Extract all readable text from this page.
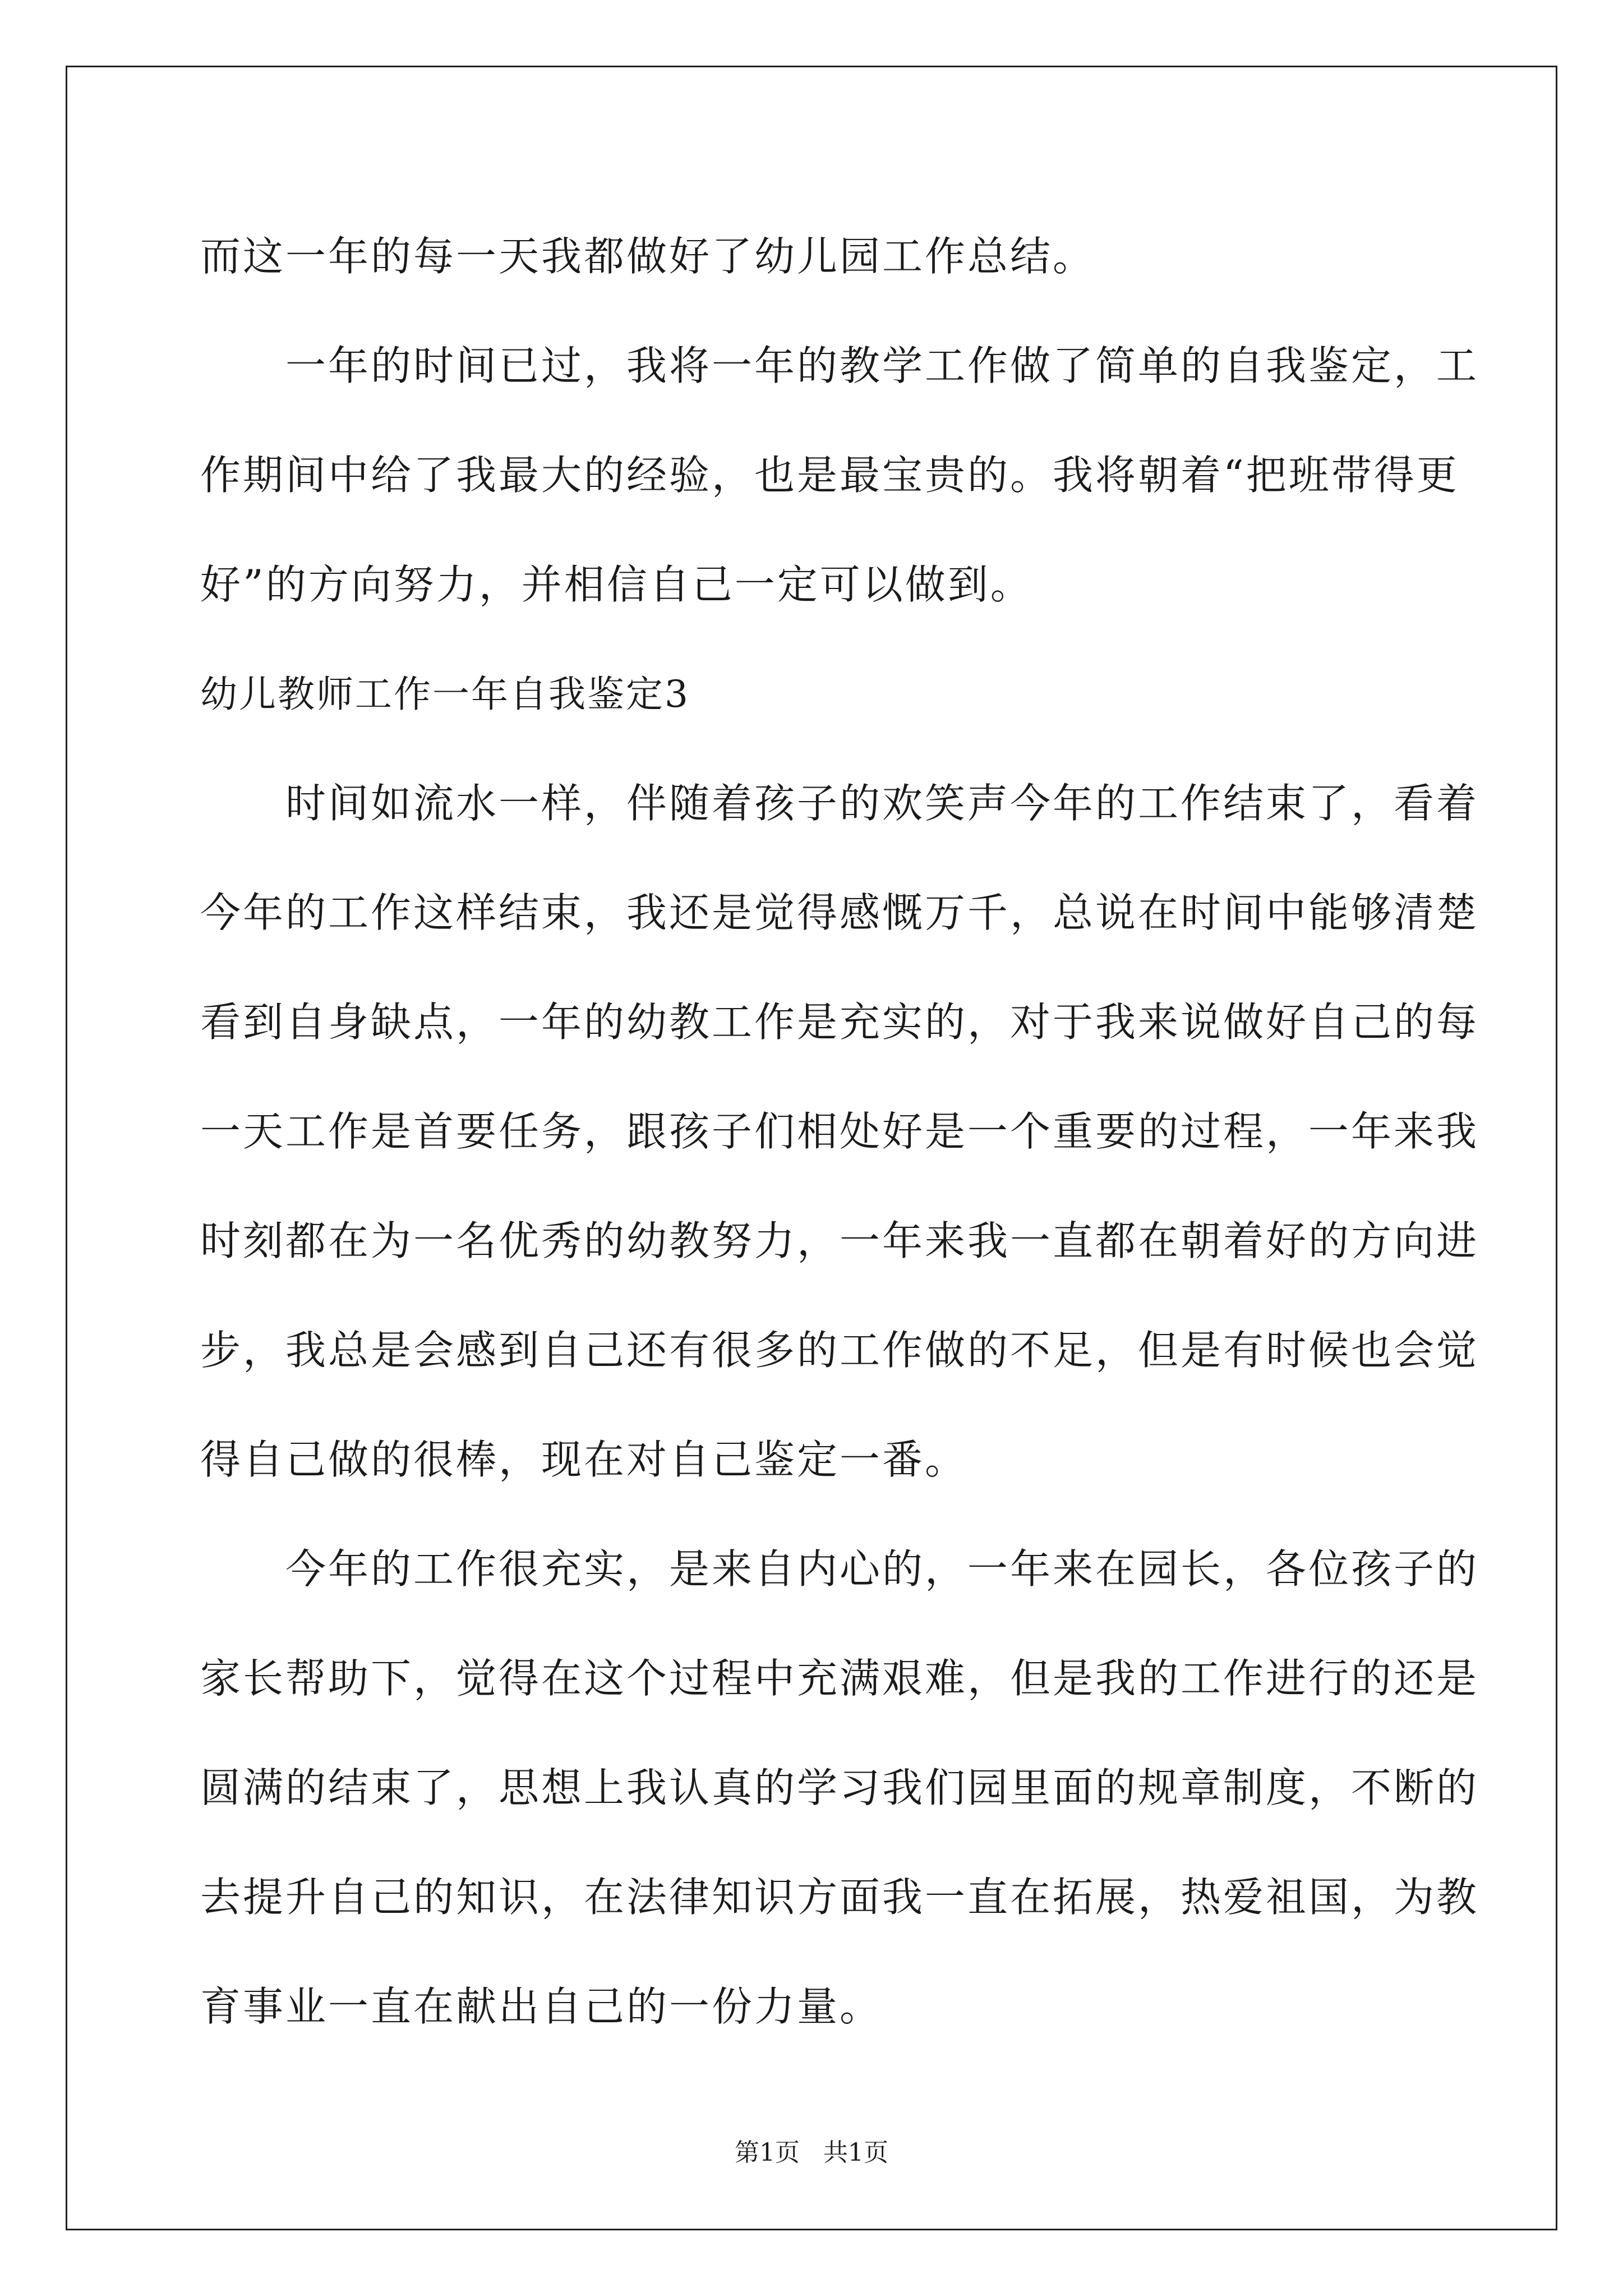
而这一年的每一天我都做好了幼儿园工作总结。
一年的时间已过，我将一年的教学工作做了简单的自我鉴定，工
作期间中给了我最大的经验，也是最宝贵的。我将朝着“把班带得更
好”的方向努力，并相信自己一定可以做到。
幼儿教师工作一年自我鉴定3
时间如流水一样，伴随着孩子的欢笑声今年的工作结束了，看着
今年的工作这样结束，我还是觉得感慨万千，总说在时间中能够清楚
看到自身缺点，一年的幼教工作是充实的，对于我来说做好自己的每
一天工作是首要任务，跟孩子们相处好是一个重要的过程，一年来我
时刻都在为一名优秀的幼教努力，一年来我一直都在朝着好的方向进
步，我总是会感到自己还有很多的工作做的不足，但是有时候也会觉
得自己做的很棒，现在对自己鉴定一番。
今年的工作很充实，是来自内心的，一年来在园长，各位孩子的
家长帮助下，觉得在这个过程中充满艰难，但是我的工作进行的还是
圆满的结束了，思想上我认真的学习我们园里面的规章制度，不断的
去提升自己的知识，在法律知识方面我一直在拓展，热爱祖国，为教
育事业一直在献出自己的一份力量。
第1页   共1页
